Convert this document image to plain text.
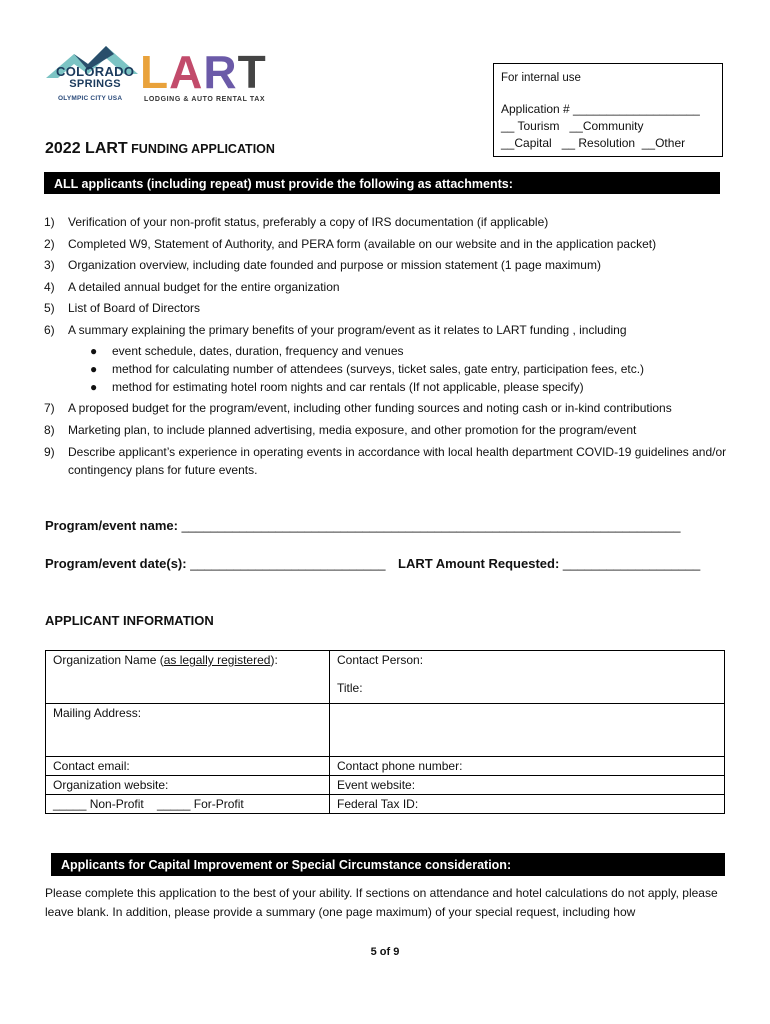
COLORADO
SPRINGS
OLYMPIC CITY USA
L A R T
LODGING & AUTO RENTAL TAX
For internal use
Application # ___________________
__ Tourism   __Community
__Capital   __ Resolution  __Other
2022 LART FUNDING APPLICATION
ALL applicants (including repeat) must provide the following as attachments:
1)	Verification of your non-profit status, preferably a copy of IRS documentation (if applicable)
2)	Completed W9, Statement of Authority, and PERA form (available on our website and in the application packet)
3)	Organization overview, including date founded and purpose or mission statement (1 page maximum)
4)	A detailed annual budget for the entire organization
5)	List of Board of Directors
6)	A summary explaining the primary benefits of your program/event as it relates to LART funding , including
●	event schedule, dates, duration, frequency and venues
●	method for calculating number of attendees (surveys, ticket sales, gate entry, participation fees, etc.)
●	method for estimating hotel room nights and car rentals (If not applicable, please specify)
7)	A proposed budget for the program/event, including other funding sources and noting cash or in-kind contributions
8)	Marketing plan, to include planned advertising, media exposure, and other promotion for the program/event
9)	Describe applicant’s experience in operating events in accordance with local health department COVID-19 guidelines and/or contingency plans for future events.
Program/event name: _____________________________________________________________________
Program/event date(s): ___________________________ LART Amount Requested: ___________________
APPLICANT INFORMATION
Organization Name (as legally registered):	Contact Person:
Title:

Mailing Address:	
Contact email:	Contact phone number:
Organization website:	Event website:
_____ Non-Profit    _____ For-Profit	Federal Tax ID:
Applicants for Capital Improvement or Special Circumstance consideration:
Please complete this application to the best of your ability. If sections on attendance and hotel calculations do not apply, please leave blank. In addition, please provide a summary (one page maximum) of your special request, including how
5 of 9
